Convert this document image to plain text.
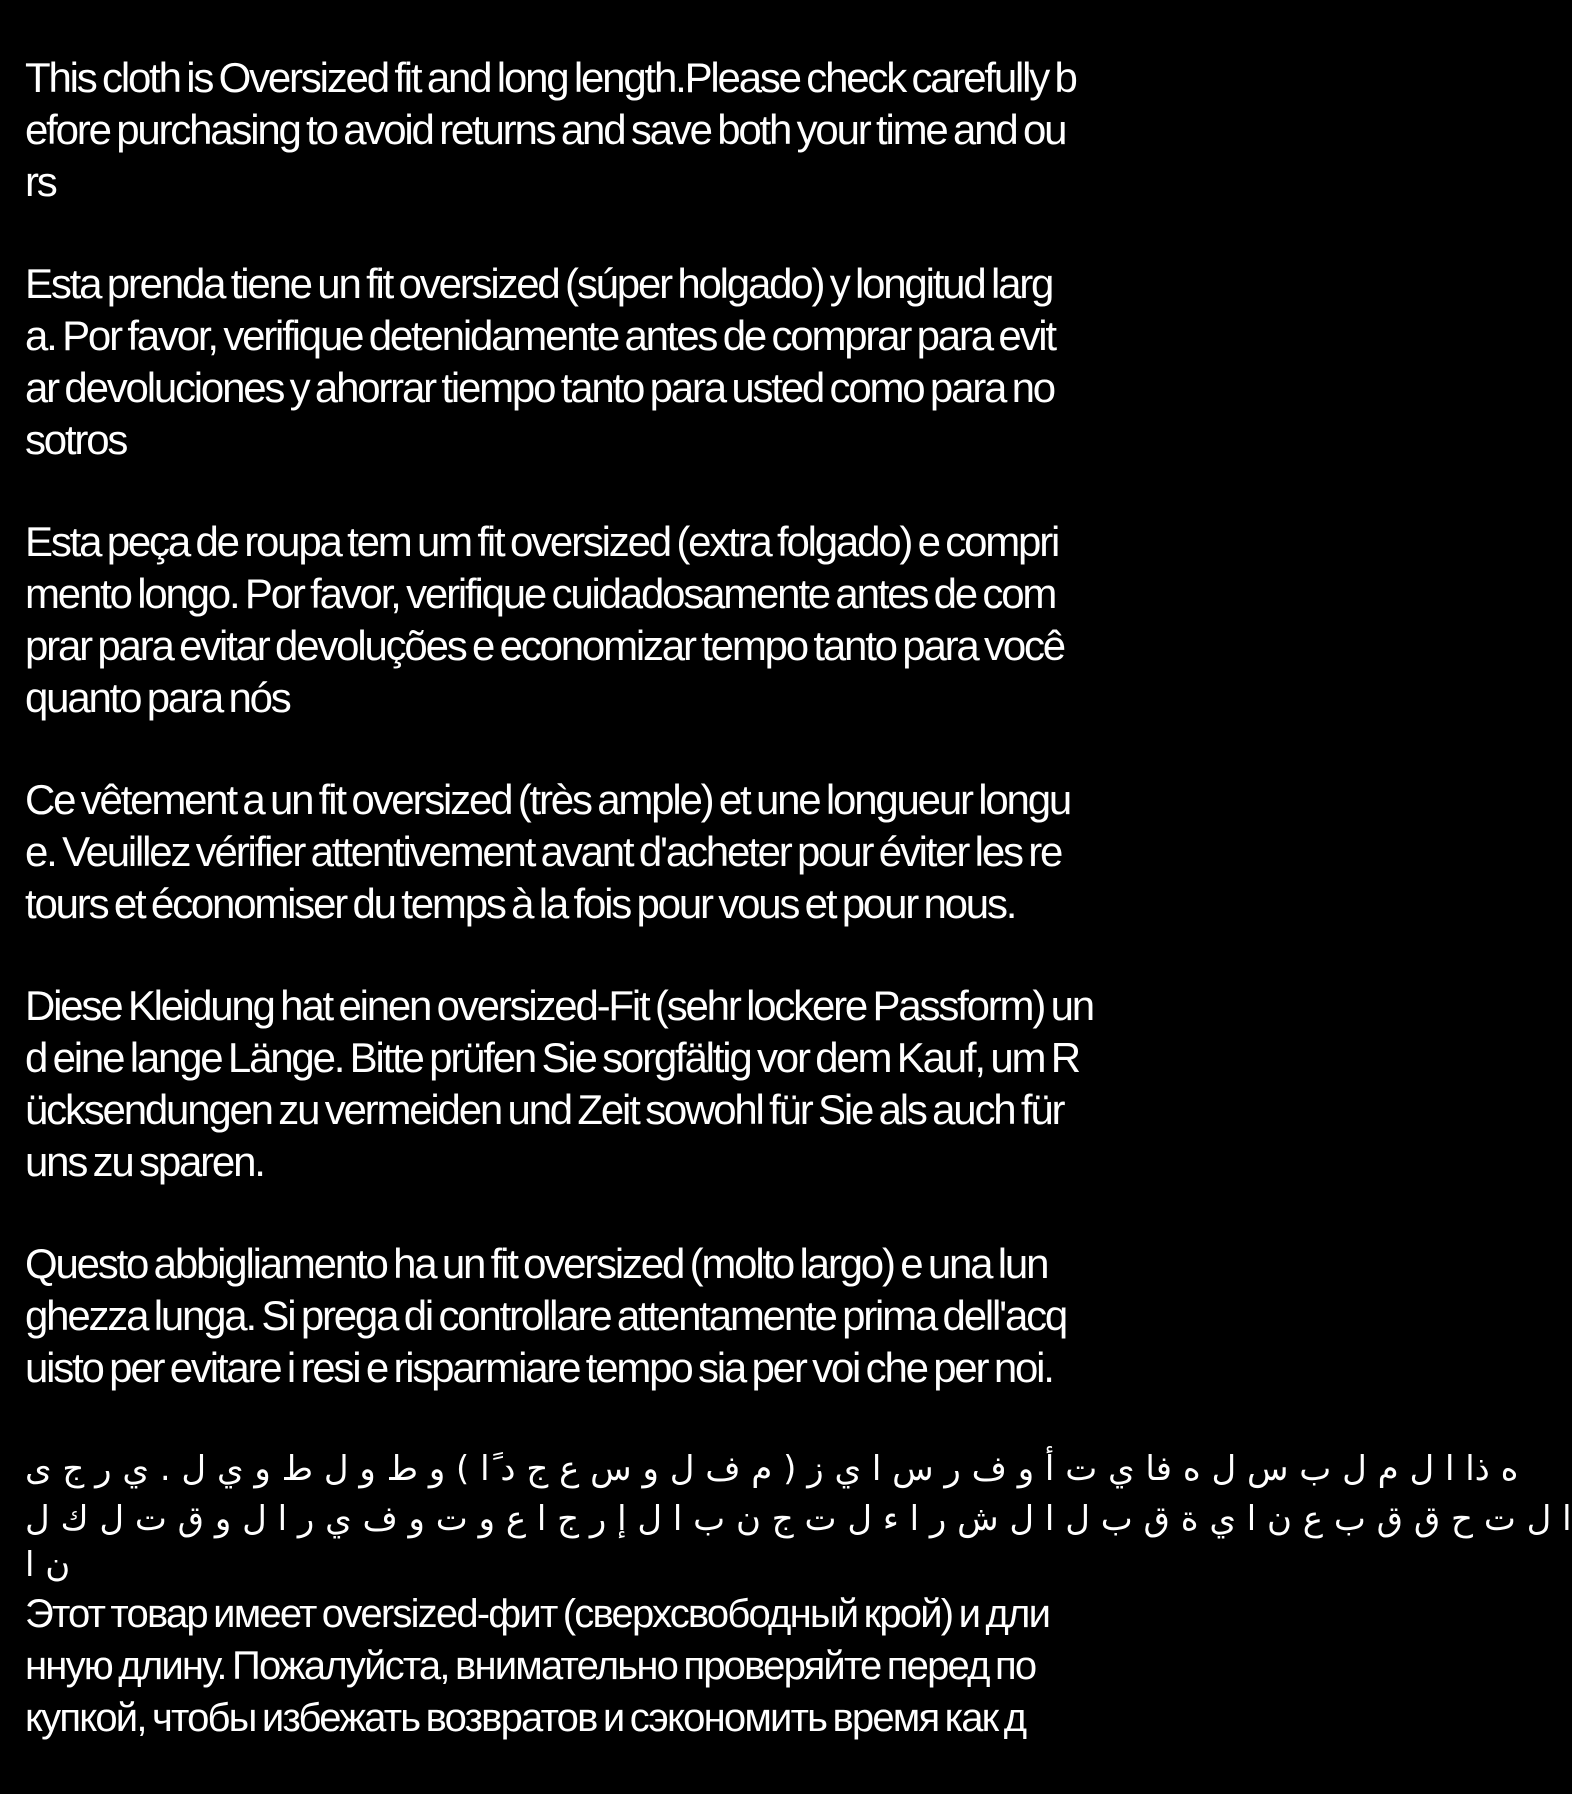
This cloth is Oversized fit and long length.Please check carefully b
efore purchasing to avoid returns and save both your time and ou
rs
Esta prenda tiene un fit oversized (súper holgado) y longitud larg
a. Por favor, verifique detenidamente antes de comprar para evit
ar devoluciones y ahorrar tiempo tanto para usted como para no
sotros
Esta peça de roupa tem um fit oversized (extra folgado) e compri
mento longo. Por favor, verifique cuidadosamente antes de com
prar para evitar devoluções e economizar tempo tanto para você
quanto para nós
Ce vêtement a un fit oversized (très ample) et une longueur longu
e. Veuillez vérifier attentivement avant d'acheter pour éviter les re
tours et économiser du temps à la fois pour vous et pour nous.
Diese Kleidung hat einen oversized-Fit (sehr lockere Passform) un
d eine lange Länge. Bitte prüfen Sie sorgfältig vor dem Kauf, um R
ücksendungen zu vermeiden und Zeit sowohl für Sie als auch für
uns zu sparen.
Questo abbigliamento ha un fit oversized (molto largo) e una lun
ghezza lunga. Si prega di controllare attentamente prima dell'acq
uisto per evitare i resi e risparmiare tempo sia per voi che per noi.
ه ذا ا ل م ل ب س ل ه فا ي ت أ و ف ر س ا ي ز ( م ف ل و س ع ج د ًا ) و ط و ل ط و ي ل . ي ر ج ى
ا ل ت ح ق ق ب ع ن ا ي ة ق ب ل ا ل ش ر ا ء ل ت ج ن ب ا ل إ ر ج ا ع و ت و ف ي ر ا ل و ق ت ل ك ل
ن ا
Этот товар имеет oversized-фит (сверхсвободный крой) и дли
нную длину. Пожалуйста, внимательно проверяйте перед по
купкой, чтобы избежать возвратов и сэкономить время как д
